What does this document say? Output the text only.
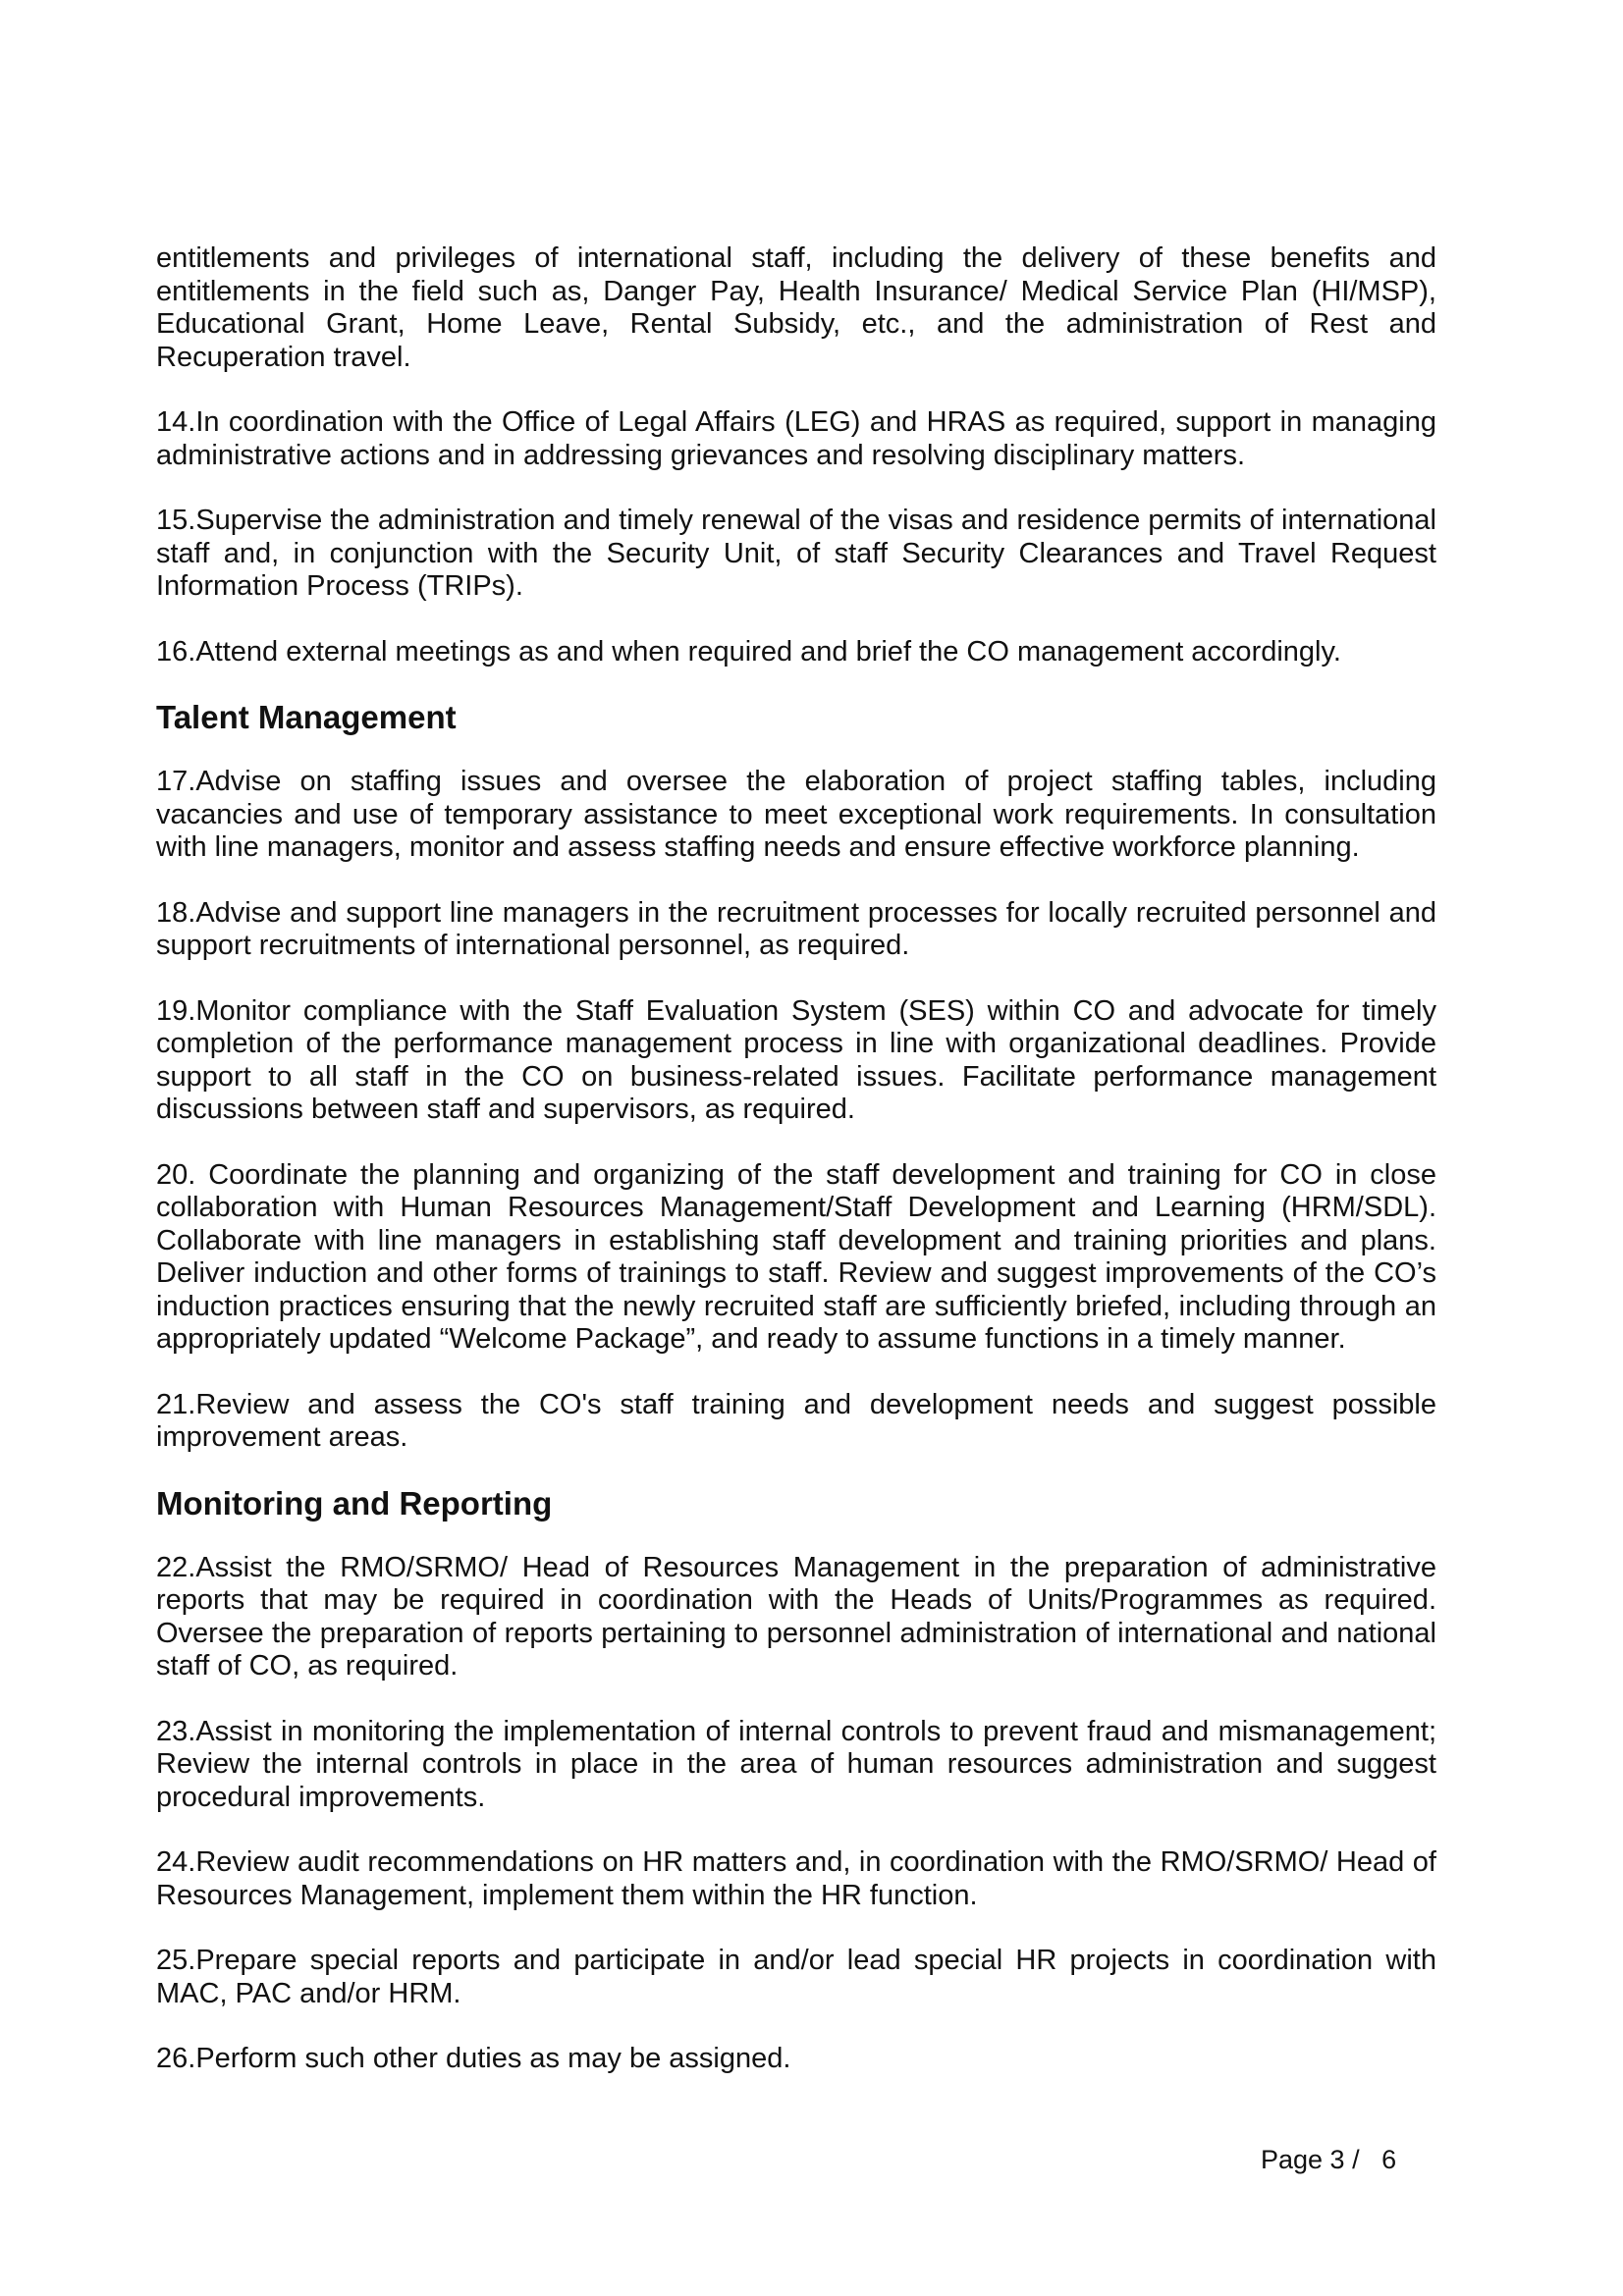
entitlements and privileges of international staff, including the delivery of these benefits and entitlements in the field such as, Danger Pay, Health Insurance/ Medical Service Plan (HI/MSP), Educational Grant, Home Leave, Rental Subsidy, etc., and the administration of Rest and Recuperation travel.

14.In coordination with the Office of Legal Affairs (LEG) and HRAS as required, support in managing administrative actions and in addressing grievances and resolving disciplinary matters.

15.Supervise the administration and timely renewal of the visas and residence permits of international staff and, in conjunction with the Security Unit, of staff Security Clearances and Travel Request Information Process (TRIPs).

16.Attend external meetings as and when required and brief the CO management accordingly.

Talent Management

17.Advise on staffing issues and oversee the elaboration of project staffing tables, including vacancies and use of temporary assistance to meet exceptional work requirements. In consultation with line managers, monitor and assess staffing needs and ensure effective workforce planning.

18.Advise and support line managers in the recruitment processes for locally recruited personnel and support recruitments of international personnel, as required.

19.Monitor compliance with the Staff Evaluation System (SES) within CO and advocate for timely completion of the performance management process in line with organizational deadlines. Provide support to all staff in the CO on business-related issues. Facilitate performance management discussions between staff and supervisors, as required.

20. Coordinate the planning and organizing of the staff development and training for CO in close collaboration with Human Resources Management/Staff Development and Learning (HRM/SDL). Collaborate with line managers in establishing staff development and training priorities and plans. Deliver induction and other forms of trainings to staff. Review and suggest improvements of the CO’s induction practices ensuring that the newly recruited staff are sufficiently briefed, including through an appropriately updated “Welcome Package”, and ready to assume functions in a timely manner.

21.Review and assess the CO's staff training and development needs and suggest possible improvement areas.

Monitoring and Reporting

22.Assist the RMO/SRMO/ Head of Resources Management in the preparation of administrative reports that may be required in coordination with the Heads of Units/Programmes as required. Oversee the preparation of reports pertaining to personnel administration of international and national staff of CO, as required.

23.Assist in monitoring the implementation of internal controls to prevent fraud and mismanagement; Review the internal controls in place in the area of human resources administration and suggest procedural improvements.

24.Review audit recommendations on HR matters and, in coordination with the RMO/SRMO/ Head of Resources Management, implement them within the HR function.

25.Prepare special reports and participate in and/or lead special HR projects in coordination with MAC, PAC and/or HRM.

26.Perform such other duties as may be assigned.

Page 3 /   6
